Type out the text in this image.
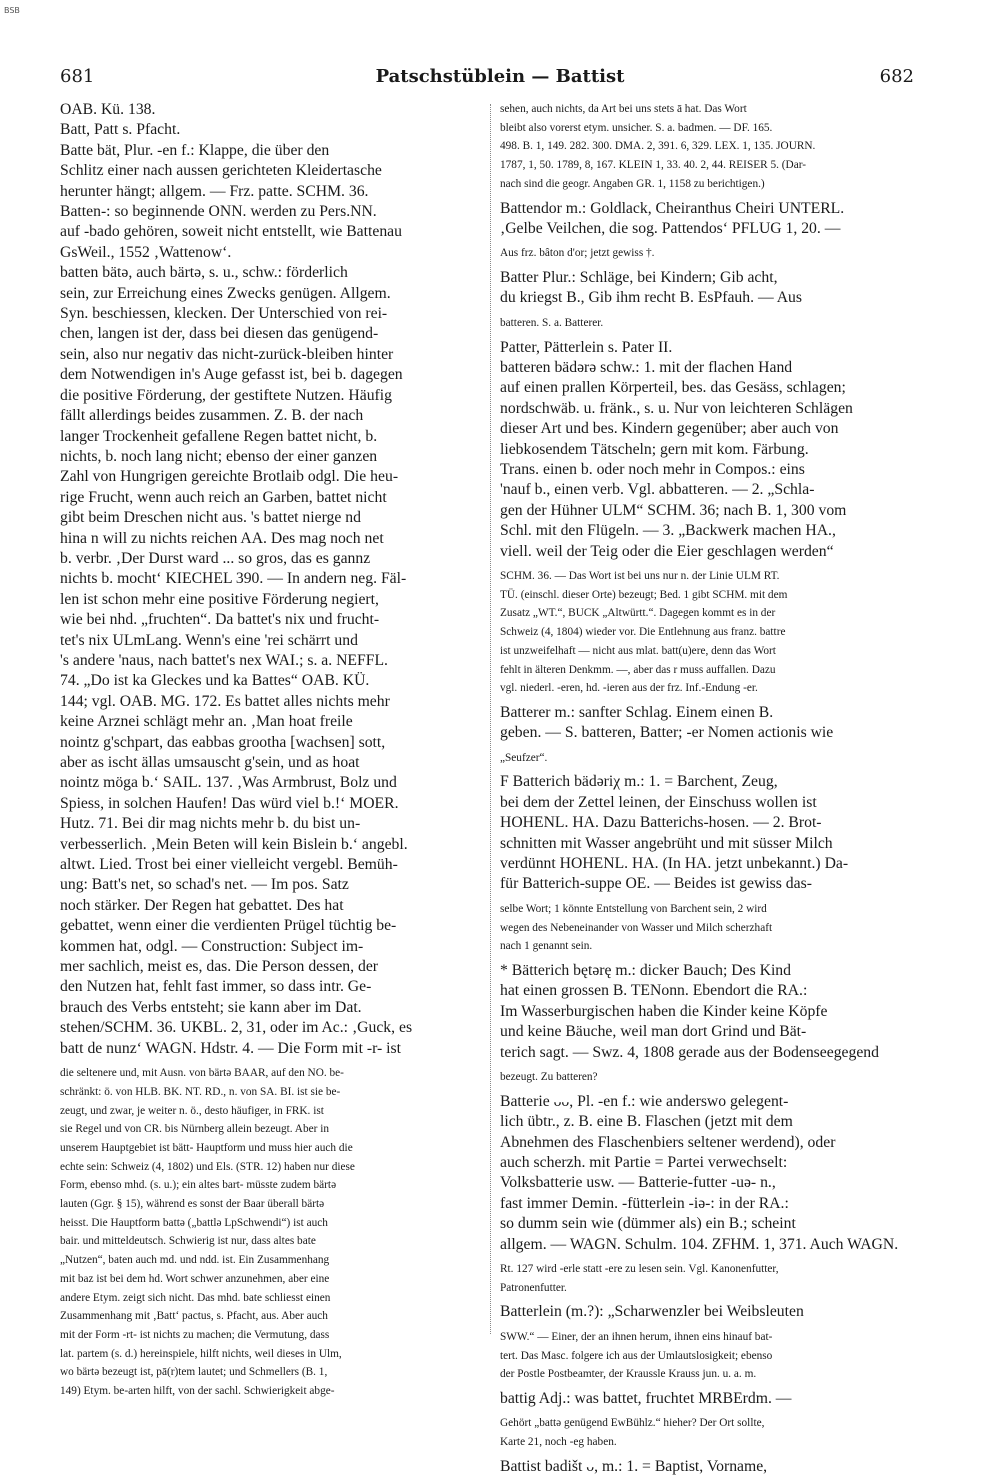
BSB
681	Patschstüblein — Battist	682
OAB. Kü. 138.
Batt, Patt s. Pfacht.
Batte bät, Plur. -en f.: Klappe, die über den
Schlitz einer nach aussen gerichteten Kleidertasche
herunter hängt; allgem. — Frz. patte. SCHM. 36.
Batten-: so beginnende ONN. werden zu Pers.NN.
auf -bado gehören, soweit nicht entstellt, wie Battenau
GsWeil., 1552 ‚Wattenow‘.
batten bätə, auch bärtə, s. u., schw.: förderlich
sein, zur Erreichung eines Zwecks genügen. Allgem.
Syn. beschiessen, klecken. Der Unterschied von rei-
chen, langen ist der, dass bei diesen das genügend-
sein, also nur negativ das nicht-zurück-bleiben hinter
dem Notwendigen in's Auge gefasst ist, bei b. dagegen
die positive Förderung, der gestiftete Nutzen. Häufig
fällt allerdings beides zusammen. Z. B. der nach
langer Trockenheit gefallene Regen battet nicht, b.
nichts, b. noch lang nicht; ebenso der einer ganzen
Zahl von Hungrigen gereichte Brotlaib odgl. Die heu-
rige Frucht, wenn auch reich an Garben, battet nicht
gibt beim Dreschen nicht aus. 's battet nierge nd
hina n will zu nichts reichen AA. Des mag noch net
b. verbr. ‚Der Durst ward ... so gros, das es gannz
nichts b. mocht‘ KIECHEL 390. — In andern neg. Fäl-
len ist schon mehr eine positive Förderung negiert,
wie bei nhd. „fruchten“. Da battet's nix und frucht-
tet's nix ULmLang. Wenn's eine 'rei schärrt und
's andere 'naus, nach battet's nex WAI.; s. a. NEFFL.
74. „Do ist ka Gleckes und ka Battes“ OAB. KÜ.
144; vgl. OAB. MG. 172. Es battet alles nichts mehr
keine Arznei schlägt mehr an. ‚Man hoat freile
nointz g'schpart, das eabbas grootha [wachsen] sott,
aber as ischt ällas umsauscht g'sein, und as hoat
nointz möga b.‘ SAIL. 137. ‚Was Armbrust, Bolz und
Spiess, in solchen Haufen! Das würd viel b.!‘ MOER.
Hutz. 71. Bei dir mag nichts mehr b. du bist un-
verbesserlich. ‚Mein Beten will kein Bislein b.‘ angebl.
altwt. Lied. Trost bei einer vielleicht vergebl. Bemüh-
ung: Batt's net, so schad's net. — Im pos. Satz
noch stärker. Der Regen hat gebattet. Des hat
gebattet, wenn einer die verdienten Prügel tüchtig be-
kommen hat, odgl. — Construction: Subject im-
mer sachlich, meist es, das. Die Person dessen, der
den Nutzen hat, fehlt fast immer, so dass intr. Ge-
brauch des Verbs entsteht; sie kann aber im Dat.
stehen/SCHM. 36. UKBL. 2, 31, oder im Ac.: ‚Guck, es
batt de nunz‘ WAGN. Hdstr. 4. — Die Form mit -r- ist
die seltenere und, mit Ausn. von bärtə BAAR, auf den NO. be-
schränkt: ö. von HLB. BK. NT. RD., n. von SA. BI. ist sie be-
zeugt, und zwar, je weiter n. ö., desto häufiger, in FRK. ist
sie Regel und von CR. bis Nürnberg allein bezeugt. Aber in
unserem Hauptgebiet ist bätt- Hauptform und muss hier auch die
echte sein: Schweiz (4, 1802) und Els. (STR. 12) haben nur diese
Form, ebenso mhd. (s. u.); ein altes bart- müsste zudem bärtə
lauten (Ggr. § 15), während es sonst der Baar überall bärtə
heisst. Die Hauptform battə („battlə LpSchwendi“) ist auch
bair. und mitteldeutsch. Schwierig ist nur, dass altes bate
„Nutzen“, baten auch md. und ndd. ist. Ein Zusammenhang
mit baz ist bei dem hd. Wort schwer anzunehmen, aber eine
andere Etym. zeigt sich nicht. Das mhd. bate schliesst einen
Zusammenhang mit ‚Batt‘ pactus, s. Pfacht, aus. Aber auch
mit der Form -rt- ist nichts zu machen; die Vermutung, dass
lat. partem (s. d.) hereinspiele, hilft nichts, weil dieses in Ulm,
wo bärtə bezeugt ist, pā(r)tem lautet; und Schmellers (B. 1,
149) Etym. be-arten hilft, von der sachl. Schwierigkeit abge-
sehen, auch nichts, da Art bei uns stets ā hat. Das Wort
bleibt also vorerst etym. unsicher. S. a. badmen. — DF. 165.
498. B. 1, 149. 282. 300. DMA. 2, 391. 6, 329. LEX. 1, 135. JOURN.
1787, 1, 50. 1789, 8, 167. KLEIN 1, 33. 40. 2, 44. REISER 5. (Dar-
nach sind die geogr. Angaben GR. 1, 1158 zu berichtigen.)
Battendor m.: Goldlack, Cheiranthus Cheiri UNTERL.
‚Gelbe Veilchen, die sog. Pattendos‘ PFLUG 1, 20. —
Aus frz. bâton d'or; jetzt gewiss †.
Batter Plur.: Schläge, bei Kindern; Gib acht,
du kriegst B., Gib ihm recht B. EsPfauh. — Aus
batteren. S. a. Batterer.
Patter, Pätterlein s. Pater II.
batteren bädərə schw.: 1. mit der flachen Hand
auf einen prallen Körperteil, bes. das Gesäss, schlagen;
nordschwäb. u. fränk., s. u. Nur von leichteren Schlägen
dieser Art und bes. Kindern gegenüber; aber auch von
liebkosendem Tätscheln; gern mit kom. Färbung.
Trans. einen b. oder noch mehr in Compos.: eins
'nauf b., einen verb. Vgl. abbatteren. — 2. „Schla-
gen der Hühner ULM“ SCHM. 36; nach B. 1, 300 vom
Schl. mit den Flügeln. — 3. „Backwerk machen HA.,
viell. weil der Teig oder die Eier geschlagen werden“
SCHM. 36. — Das Wort ist bei uns nur n. der Linie ULM RT.
TÜ. (einschl. dieser Orte) bezeugt; Bed. 1 gibt SCHM. mit dem
Zusatz „WT.“, BUCK „Altwürtt.“. Dagegen kommt es in der
Schweiz (4, 1804) wieder vor. Die Entlehnung aus franz. battre
ist unzweifelhaft — nicht aus mlat. batt(u)ere, denn das Wort
fehlt in älteren Denkmm. —, aber das r muss auffallen. Dazu
vgl. niederl. -eren, hd. -ieren aus der frz. Inf.-Endung -er.
Batterer m.: sanfter Schlag. Einem einen B.
geben. — S. batteren, Batter; -er Nomen actionis wie
„Seufzer“.
F Batterich bädəriχ m.: 1. = Barchent, Zeug,
bei dem der Zettel leinen, der Einschuss wollen ist
HOHENL. HA. Dazu Batterichs-hosen. — 2. Brot-
schnitten mit Wasser angebrüht und mit süsser Milch
verdünnt HOHENL. HA. (In HA. jetzt unbekannt.) Da-
für Batterich-suppe OE. — Beides ist gewiss das-
selbe Wort; 1 könnte Entstellung von Barchent sein, 2 wird
wegen des Nebeneinander von Wasser und Milch scherzhaft
nach 1 genannt sein.
* Bätterich bętərę m.: dicker Bauch; Des Kind
hat einen grossen B. TENonn. Ebendort die RA.:
Im Wasserburgischen haben die Kinder keine Köpfe
und keine Bäuche, weil man dort Grind und Bät-
terich sagt. — Swz. 4, 1808 gerade aus der Bodenseegegend
bezeugt. Zu batteren?
Batterie ᴗᴗ, Pl. -en f.: wie anderswo gelegent-
lich übtr., z. B. eine B. Flaschen (jetzt mit dem
Abnehmen des Flaschenbiers seltener werdend), oder
auch scherzh. mit Partie = Partei verwechselt:
Volksbatterie usw. — Batterie-futter -uə- n.,
fast immer Demin. -fütterlein -iə-: in der RA.:
so dumm sein wie (dümmer als) ein B.; scheint
allgem. — WAGN. Schulm. 104. ZFHM. 1, 371. Auch WAGN.
Rt. 127 wird -erle statt -ere zu lesen sein. Vgl. Kanonenfutter,
Patronenfutter.
Batterlein (m.?): „Scharwenzler bei Weibsleuten
SWW.“ — Einer, der an ihnen herum, ihnen eins hinauf bat-
tert. Das Masc. folgere ich aus der Umlautslosigkeit; ebenso
der Postle Postbeamter, der Kraussle Krauss jun. u. a. m.
battig Adj.: was battet, fruchtet MRBErdm. —
Gehört „battə genügend EwBühlz.“ hieher? Der Ort sollte,
Karte 21, noch -eg haben.
Battist badišt ᴗ, m.: 1. = Baptist, Vorname,
